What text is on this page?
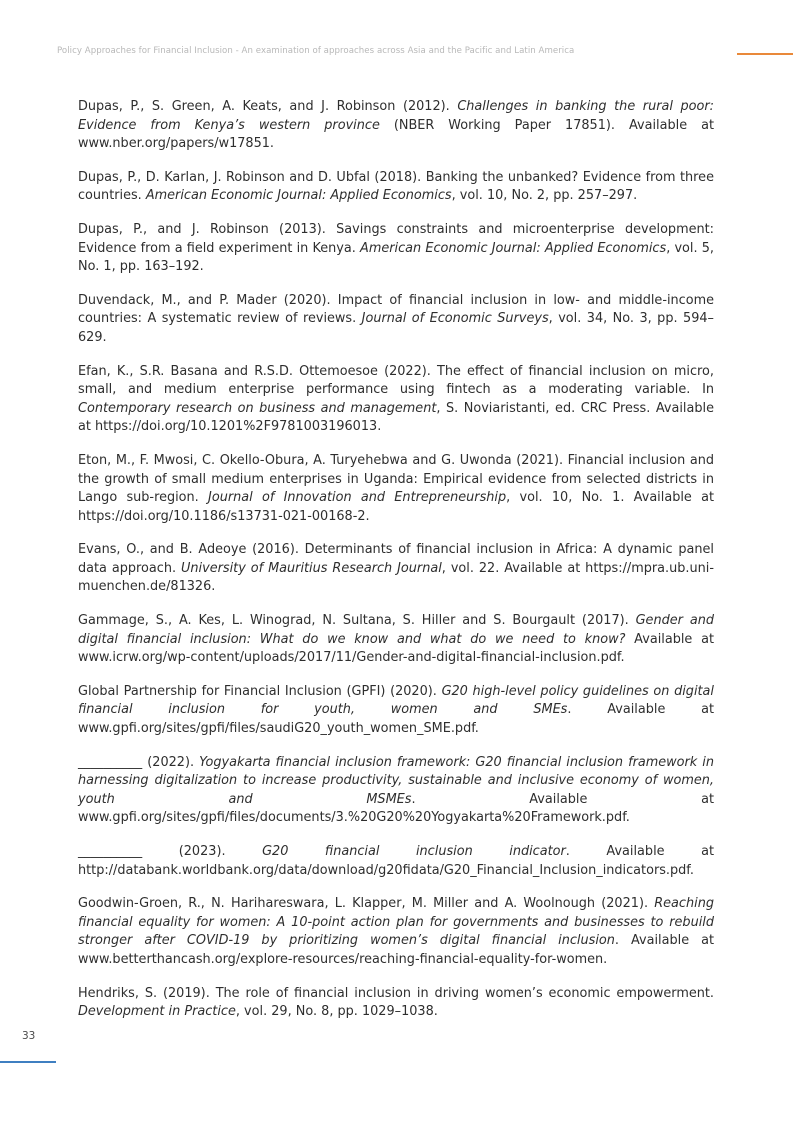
Policy Approaches for Financial Inclusion - An examination of approaches across Asia and the Pacific and Latin America

Dupas, P., S. Green, A. Keats, and J. Robinson (2012). Challenges in banking the rural poor: Evidence from Kenya’s western province (NBER Working Paper 17851). Available at www.nber.org/papers/w17851.

Dupas, P., D. Karlan, J. Robinson and D. Ubfal (2018). Banking the unbanked? Evidence from three countries. American Economic Journal: Applied Economics, vol. 10, No. 2, pp. 257–297.

Dupas, P., and J. Robinson (2013). Savings constraints and microenterprise development: Evidence from a field experiment in Kenya. American Economic Journal: Applied Economics, vol. 5, No. 1, pp. 163–192.

Duvendack, M., and P. Mader (2020). Impact of financial inclusion in low- and middle-income countries: A systematic review of reviews. Journal of Economic Surveys, vol. 34, No. 3, pp. 594–629.

Efan, K., S.R. Basana and R.S.D. Ottemoesoe (2022). The effect of financial inclusion on micro, small, and medium enterprise performance using fintech as a moderating variable. In Contemporary research on business and management, S. Noviaristanti, ed. CRC Press. Available at https://doi.org/10.1201%2F9781003196013.

Eton, M., F. Mwosi, C. Okello-Obura, A. Turyehebwa and G. Uwonda (2021). Financial inclusion and the growth of small medium enterprises in Uganda: Empirical evidence from selected districts in Lango sub-region. Journal of Innovation and Entrepreneurship, vol. 10, No. 1. Available at https://doi.org/10.1186/s13731-021-00168-2.

Evans, O., and B. Adeoye (2016). Determinants of financial inclusion in Africa: A dynamic panel data approach. University of Mauritius Research Journal, vol. 22. Available at https://mpra.ub.uni-muenchen.de/81326.

Gammage, S., A. Kes, L. Winograd, N. Sultana, S. Hiller and S. Bourgault (2017). Gender and digital financial inclusion: What do we know and what do we need to know? Available at www.icrw.org/wp-content/uploads/2017/11/Gender-and-digital-financial-inclusion.pdf.

Global Partnership for Financial Inclusion (GPFI) (2020). G20 high-level policy guidelines on digital financial inclusion for youth, women and SMEs. Available at www.gpfi.org/sites/gpfi/files/saudiG20_youth_women_SME.pdf.

__________ (2022). Yogyakarta financial inclusion framework: G20 financial inclusion framework in harnessing digitalization to increase productivity, sustainable and inclusive economy of women, youth and MSMEs. Available at www.gpfi.org/sites/gpfi/files/documents/3.%20G20%20Yogyakarta%20Framework.pdf.

__________ (2023). G20 financial inclusion indicator. Available at http://databank.worldbank.org/data/download/g20fidata/G20_Financial_Inclusion_indicators.pdf.

Goodwin-Groen, R., N. Harihareswara, L. Klapper, M. Miller and A. Woolnough (2021). Reaching financial equality for women: A 10-point action plan for governments and businesses to rebuild stronger after COVID-19 by prioritizing women’s digital financial inclusion. Available at www.betterthancash.org/explore-resources/reaching-financial-equality-for-women.

Hendriks, S. (2019). The role of financial inclusion in driving women’s economic empowerment. Development in Practice, vol. 29, No. 8, pp. 1029–1038.

33
